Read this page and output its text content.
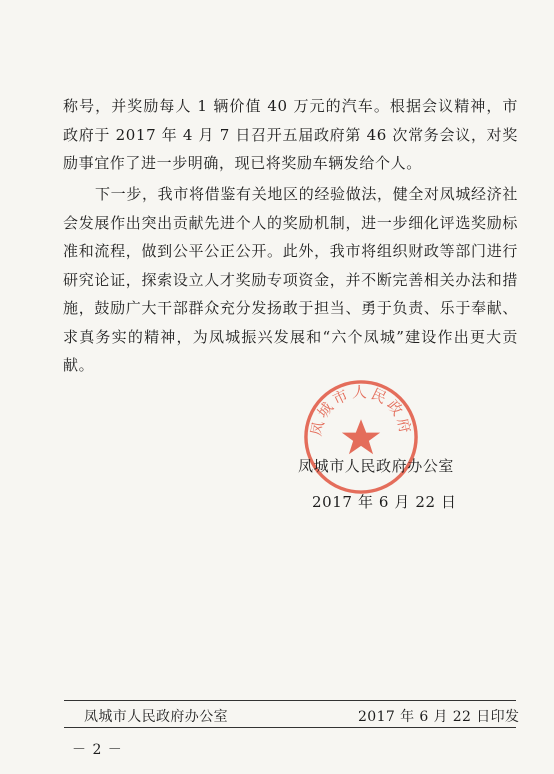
称号，并奖励每人 1 辆价值 40 万元的汽车。根据会议精神，市政府于 2017 年 4 月 7 日召开五届政府第 46 次常务会议，对奖励事宜作了进一步明确，现已将奖励车辆发给个人。

下一步，我市将借鉴有关地区的经验做法，健全对凤城经济社会发展作出突出贡献先进个人的奖励机制，进一步细化评选奖励标准和流程，做到公平公正公开。此外，我市将组织财政等部门进行研究论证，探索设立人才奖励专项资金，并不断完善相关办法和措施，鼓励广大干部群众充分发扬敢于担当、勇于负责、乐于奉献、求真务实的精神，为凤城振兴发展和“六个凤城”建设作出更大贡献。

凤城市人民政府
凤城市人民政府办公室
2017 年 6 月 22 日
凤城市人民政府办公室	2017 年 6 月 22 日印发
－ 2 －
